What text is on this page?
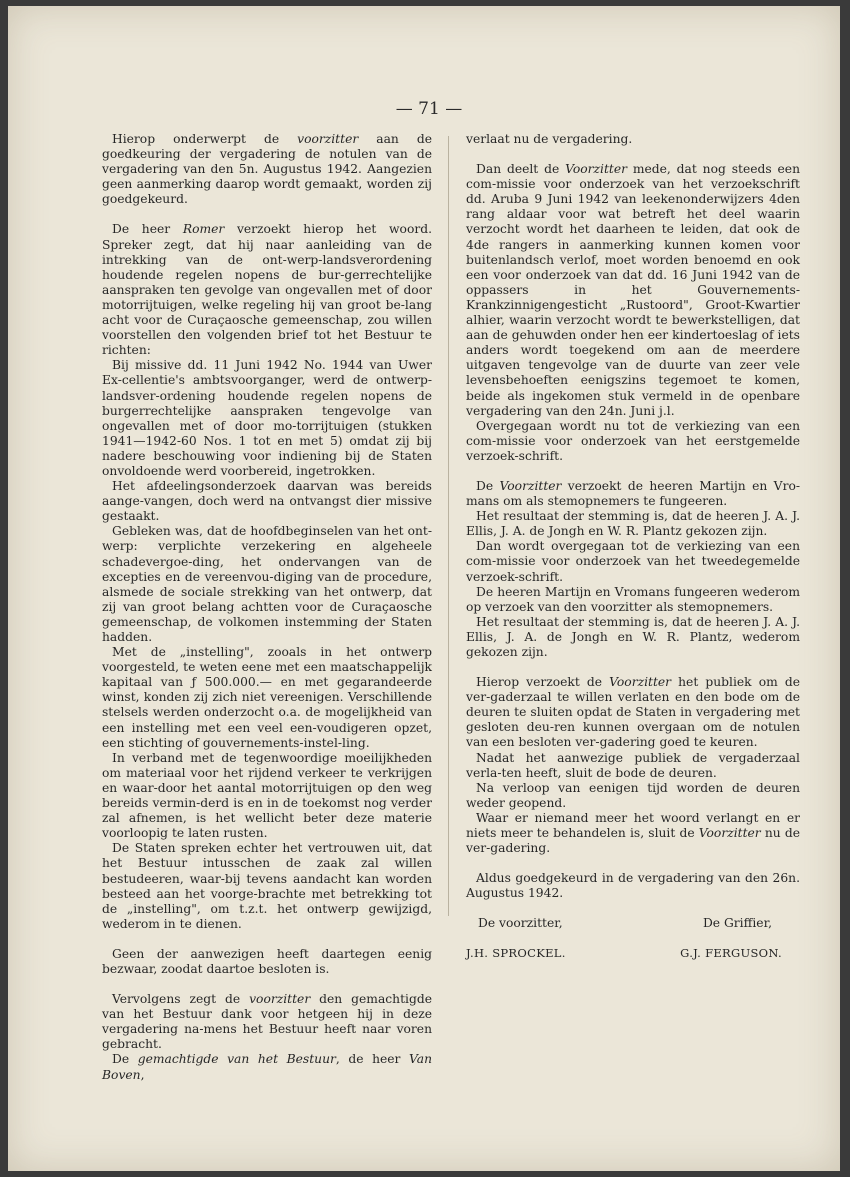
— 71 —

Hierop onderwerpt de voorzitter aan de goedkeuring der vergadering de notulen van de vergadering van den 5n. Augustus 1942. Aangezien geen aanmerking daarop wordt gemaakt, worden zij goedgekeurd.

De heer Romer verzoekt hierop het woord. Spreker zegt, dat hij naar aanleiding van de intrekking van de ont-werp-landsverordening houdende regelen nopens de bur-gerrechtelijke aanspraken ten gevolge van ongevallen met of door motorrijtuigen, welke regeling hij van groot be-lang acht voor de Curaçaosche gemeenschap, zou willen voorstellen den volgenden brief tot het Bestuur te richten:

Bij missive dd. 11 Juni 1942 No. 1944 van Uwer Ex-cellentie's ambtsvoorganger, werd de ontwerp-landsver-ordening houdende regelen nopens de burgerrechtelijke aanspraken tengevolge van ongevallen met of door mo-torrijtuigen (stukken 1941—1942-60 Nos. 1 tot en met 5) omdat zij bij nadere beschouwing voor indiening bij de Staten onvoldoende werd voorbereid, ingetrokken.

Het afdeelingsonderzoek daarvan was bereids aange-vangen, doch werd na ontvangst dier missive gestaakt.

Gebleken was, dat de hoofdbeginselen van het ont-werp: verplichte verzekering en algeheele schadevergoe-ding, het ondervangen van de excepties en de vereenvou-diging van de procedure, alsmede de sociale strekking van het ontwerp, dat zij van groot belang achtten voor de Curaçaosche gemeenschap, de volkomen instemming der Staten hadden.

Met de „instelling", zooals in het ontwerp voorgesteld, te weten eene met een maatschappelijk kapitaal van ƒ 500.000.— en met gegarandeerde winst, konden zij zich niet vereenigen. Verschillende stelsels werden onderzocht o.a. de mogelijkheid van een instelling met een veel een-voudigeren opzet, een stichting of gouvernements-instel-ling.

In verband met de tegenwoordige moeilijkheden om materiaal voor het rijdend verkeer te verkrijgen en waar-door het aantal motorrijtuigen op den weg bereids vermin-derd is en in de toekomst nog verder zal afnemen, is het wellicht beter deze materie voorloopig te laten rusten.

De Staten spreken echter het vertrouwen uit, dat het Bestuur intusschen de zaak zal willen bestudeeren, waar-bij tevens aandacht kan worden besteed aan het voorge-brachte met betrekking tot de „instelling", om t.z.t. het ontwerp gewijzigd, wederom in te dienen.

Geen der aanwezigen heeft daartegen eenig bezwaar, zoodat daartoe besloten is.

Vervolgens zegt de voorzitter den gemachtigde van het Bestuur dank voor hetgeen hij in deze vergadering na-mens het Bestuur heeft naar voren gebracht.

De gemachtigde van het Bestuur, de heer Van Boven,

verlaat nu de vergadering.

Dan deelt de Voorzitter mede, dat nog steeds een com-missie voor onderzoek van het verzoekschrift dd. Aruba 9 Juni 1942 van leekenonderwijzers 4den rang aldaar voor wat betreft het deel waarin verzocht wordt het daarheen te leiden, dat ook de 4de rangers in aanmerking kunnen komen voor buitenlandsch verlof, moet worden benoemd en ook een voor onderzoek van dat dd. 16 Juni 1942 van de oppassers in het Gouvernements-Krankzinnigengesticht „Rustoord", Groot-Kwartier alhier, waarin verzocht wordt te bewerkstelligen, dat aan de gehuwden onder hen eer kindertoeslag of iets anders wordt toegekend om aan de meerdere uitgaven tengevolge van de duurte van zeer vele levensbehoeften eenigszins tegemoet te komen, beide als ingekomen stuk vermeld in de openbare vergadering van den 24n. Juni j.l.

Overgegaan wordt nu tot de verkiezing van een com-missie voor onderzoek van het eerstgemelde verzoek-schrift.

De Voorzitter verzoekt de heeren Martijn en Vro-mans om als stemopnemers te fungeeren.

Het resultaat der stemming is, dat de heeren J. A. J. Ellis, J. A. de Jongh en W. R. Plantz gekozen zijn.

Dan wordt overgegaan tot de verkiezing van een com-missie voor onderzoek van het tweedegemelde verzoek-schrift.

De heeren Martijn en Vromans fungeeren wederom op verzoek van den voorzitter als stemopnemers.

Het resultaat der stemming is, dat de heeren J. A. J. Ellis, J. A. de Jongh en W. R. Plantz, wederom gekozen zijn.

Hierop verzoekt de Voorzitter het publiek om de ver-gaderzaal te willen verlaten en den bode om de deuren te sluiten opdat de Staten in vergadering met gesloten deu-ren kunnen overgaan om de notulen van een besloten ver-gadering goed te keuren.

Nadat het aanwezige publiek de vergaderzaal verla-ten heeft, sluit de bode de deuren.

Na verloop van eenigen tijd worden de deuren weder geopend.

Waar er niemand meer het woord verlangt en er niets meer te behandelen is, sluit de Voorzitter nu de ver-gadering.

Aldus goedgekeurd in de vergadering van den 26n. Augustus 1942.

De voorzitter,	De Griffier,
J.H. SPROCKEL.	G.J. FERGUSON.
